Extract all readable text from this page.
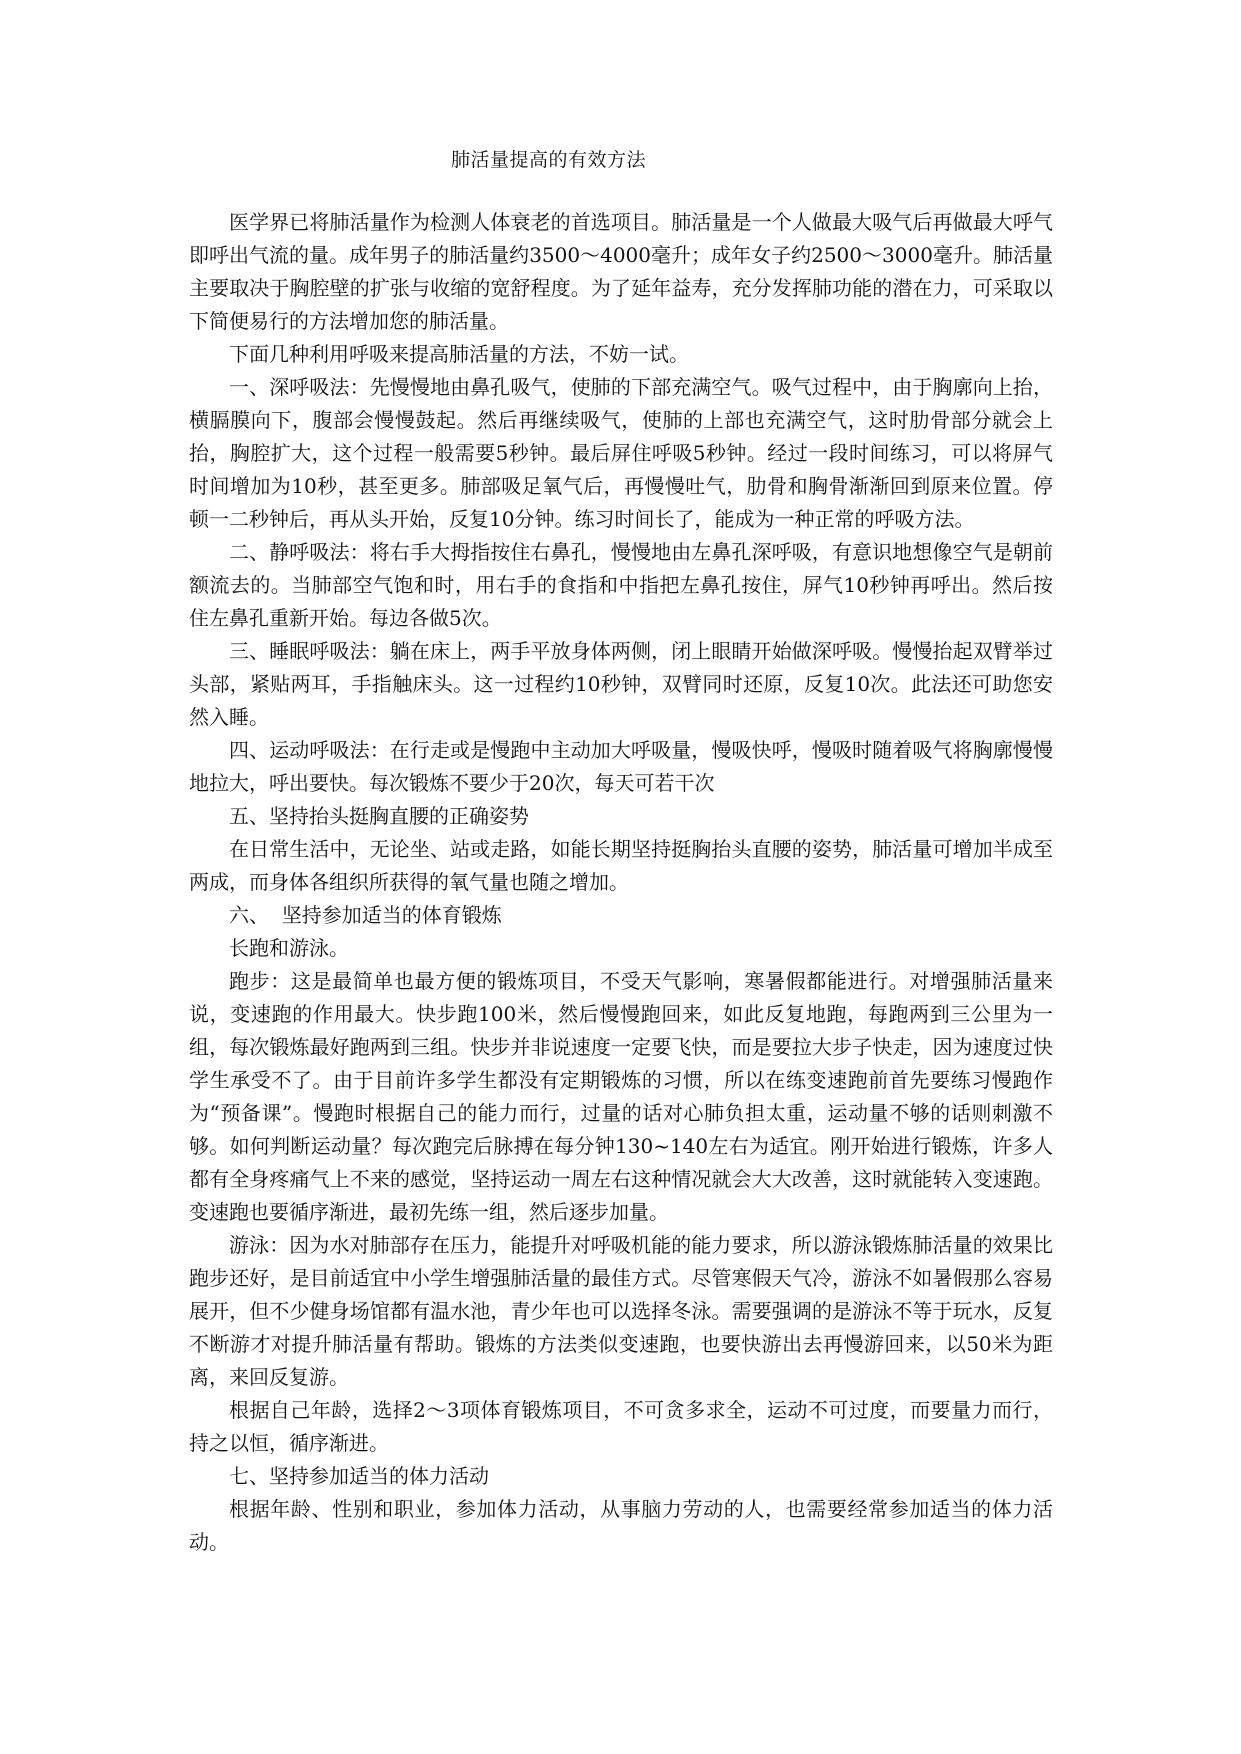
肺活量提高的有效方法

医学界已将肺活量作为检测人体衰老的首选项目。肺活量是一个人做最大吸气后再做最大呼气即呼出气流的量。成年男子的肺活量约3500～4000毫升；成年女子约2500～3000毫升。肺活量主要取决于胸腔壁的扩张与收缩的宽舒程度。为了延年益寿，充分发挥肺功能的潜在力，可采取以下简便易行的方法增加您的肺活量。

下面几种利用呼吸来提高肺活量的方法，不妨一试。

一、深呼吸法：先慢慢地由鼻孔吸气，使肺的下部充满空气。吸气过程中，由于胸廓向上抬，横膈膜向下，腹部会慢慢鼓起。然后再继续吸气，使肺的上部也充满空气，这时肋骨部分就会上抬，胸腔扩大，这个过程一般需要5秒钟。最后屏住呼吸5秒钟。经过一段时间练习，可以将屏气时间增加为10秒，甚至更多。肺部吸足氧气后，再慢慢吐气，肋骨和胸骨渐渐回到原来位置。停顿一二秒钟后，再从头开始，反复10分钟。练习时间长了，能成为一种正常的呼吸方法。

二、静呼吸法：将右手大拇指按住右鼻孔，慢慢地由左鼻孔深呼吸，有意识地想像空气是朝前额流去的。当肺部空气饱和时，用右手的食指和中指把左鼻孔按住，屏气10秒钟再呼出。然后按住左鼻孔重新开始。每边各做5次。

三、睡眠呼吸法：躺在床上，两手平放身体两侧，闭上眼睛开始做深呼吸。慢慢抬起双臂举过头部，紧贴两耳，手指触床头。这一过程约10秒钟，双臂同时还原，反复10次。此法还可助您安然入睡。

四、运动呼吸法：在行走或是慢跑中主动加大呼吸量，慢吸快呼，慢吸时随着吸气将胸廓慢慢地拉大，呼出要快。每次锻炼不要少于20次，每天可若干次

五、坚持抬头挺胸直腰的正确姿势

在日常生活中，无论坐、站或走路，如能长期坚持挺胸抬头直腰的姿势，肺活量可增加半成至两成，而身体各组织所获得的氧气量也随之增加。

六、  坚持参加适当的体育锻炼

长跑和游泳。

跑步：这是最简单也最方便的锻炼项目，不受天气影响，寒暑假都能进行。对增强肺活量来说，变速跑的作用最大。快步跑100米，然后慢慢跑回来，如此反复地跑，每跑两到三公里为一组，每次锻炼最好跑两到三组。快步并非说速度一定要飞快，而是要拉大步子快走，因为速度过快学生承受不了。由于目前许多学生都没有定期锻炼的习惯，所以在练变速跑前首先要练习慢跑作为“预备课”。慢跑时根据自己的能力而行，过量的话对心肺负担太重，运动量不够的话则刺激不够。如何判断运动量？每次跑完后脉搏在每分钟130~140左右为适宜。刚开始进行锻炼，许多人都有全身疼痛气上不来的感觉，坚持运动一周左右这种情况就会大大改善，这时就能转入变速跑。变速跑也要循序渐进，最初先练一组，然后逐步加量。

游泳：因为水对肺部存在压力，能提升对呼吸机能的能力要求，所以游泳锻炼肺活量的效果比跑步还好，是目前适宜中小学生增强肺活量的最佳方式。尽管寒假天气冷，游泳不如暑假那么容易展开，但不少健身场馆都有温水池，青少年也可以选择冬泳。需要强调的是游泳不等于玩水，反复不断游才对提升肺活量有帮助。锻炼的方法类似变速跑，也要快游出去再慢游回来，以50米为距离，来回反复游。

根据自己年龄，选择2～3项体育锻炼项目，不可贪多求全，运动不可过度，而要量力而行，持之以恒，循序渐进。

七、坚持参加适当的体力活动

根据年龄、性别和职业，参加体力活动，从事脑力劳动的人，也需要经常参加适当的体力活动。
